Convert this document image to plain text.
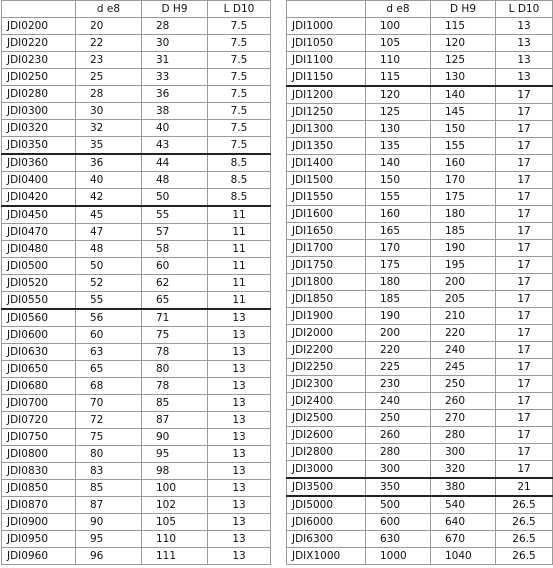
	d e8	D H9	L D10
JDI0200	20	28	7.5
JDI0220	22	30	7.5
JDI0230	23	31	7.5
JDI0250	25	33	7.5
JDI0280	28	36	7.5
JDI0300	30	38	7.5
JDI0320	32	40	7.5
JDI0350	35	43	7.5
JDI0360	36	44	8.5
JDI0400	40	48	8.5
JDI0420	42	50	8.5
JDI0450	45	55	11
JDI0470	47	57	11
JDI0480	48	58	11
JDI0500	50	60	11
JDI0520	52	62	11
JDI0550	55	65	11
JDI0560	56	71	13
JDI0600	60	75	13
JDI0630	63	78	13
JDI0650	65	80	13
JDI0680	68	78	13
JDI0700	70	85	13
JDI0720	72	87	13
JDI0750	75	90	13
JDI0800	80	95	13
JDI0830	83	98	13
JDI0850	85	100	13
JDI0870	87	102	13
JDI0900	90	105	13
JDI0950	95	110	13
JDI0960	96	111	13
	d e8	D H9	L D10
JDI1000	100	115	13
JDI1050	105	120	13
JDI1100	110	125	13
JDI1150	115	130	13
JDI1200	120	140	17
JDI1250	125	145	17
JDI1300	130	150	17
JDI1350	135	155	17
JDI1400	140	160	17
JDI1500	150	170	17
JDI1550	155	175	17
JDI1600	160	180	17
JDI1650	165	185	17
JDI1700	170	190	17
JDI1750	175	195	17
JDI1800	180	200	17
JDI1850	185	205	17
JDI1900	190	210	17
JDI2000	200	220	17
JDI2200	220	240	17
JDI2250	225	245	17
JDI2300	230	250	17
JDI2400	240	260	17
JDI2500	250	270	17
JDI2600	260	280	17
JDI2800	280	300	17
JDI3000	300	320	17
JDI3500	350	380	21
JDI5000	500	540	26.5
JDI6000	600	640	26.5
JDI6300	630	670	26.5
JDIX1000	1000	1040	26.5
